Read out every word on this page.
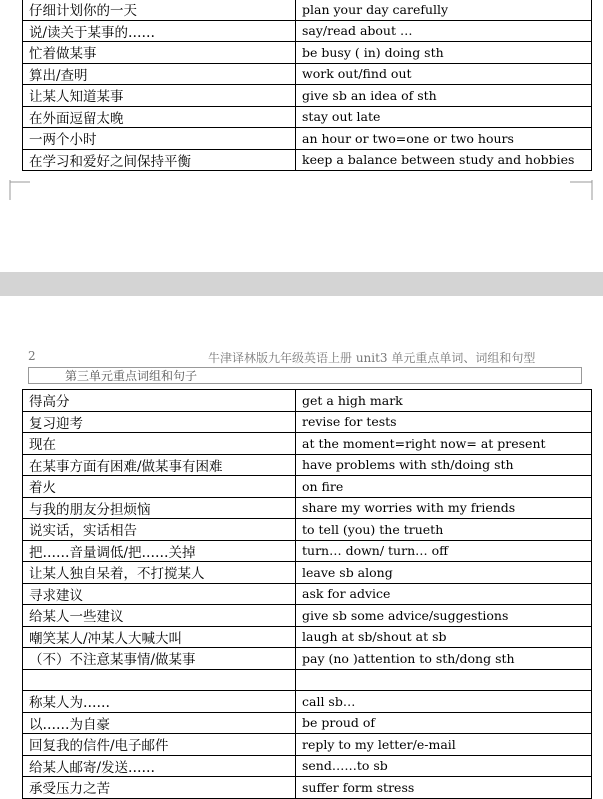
仔细计划你的一天	plan your day carefully
说/读关于某事的……	say/read about …
忙着做某事	be busy ( in) doing sth
算出/查明	work out/find out
让某人知道某事	give sb an idea of sth
在外面逗留太晚	stay out late
一两个小时	an hour or two=one or two hours
在学习和爱好之间保持平衡	keep a balance between study and hobbies
2	牛津译林版九年级英语上册 unit3 单元重点单词、词组和句型
第三单元重点词组和句子
得高分	get a high mark
复习迎考	revise for tests
现在	at the moment=right now= at present
在某事方面有困难/做某事有困难	have problems with sth/doing sth
着火	on fire
与我的朋友分担烦恼	share my worries with my friends
说实话，实话相告	to tell (you) the trueth
把……音量调低/把……关掉	turn… down/ turn… off
让某人独自呆着，不打搅某人	leave sb along
寻求建议	ask for advice
给某人一些建议	give sb some advice/suggestions
嘲笑某人/冲某人大喊大叫	laugh at sb/shout at sb
（不）不注意某事情/做某事	pay (no )attention to sth/dong sth

称某人为……	call sb…
以……为自豪	be proud of
回复我的信件/电子邮件	reply to my letter/e-mail
给某人邮寄/发送……	send……to sb
承受压力之苦	suffer form stress
